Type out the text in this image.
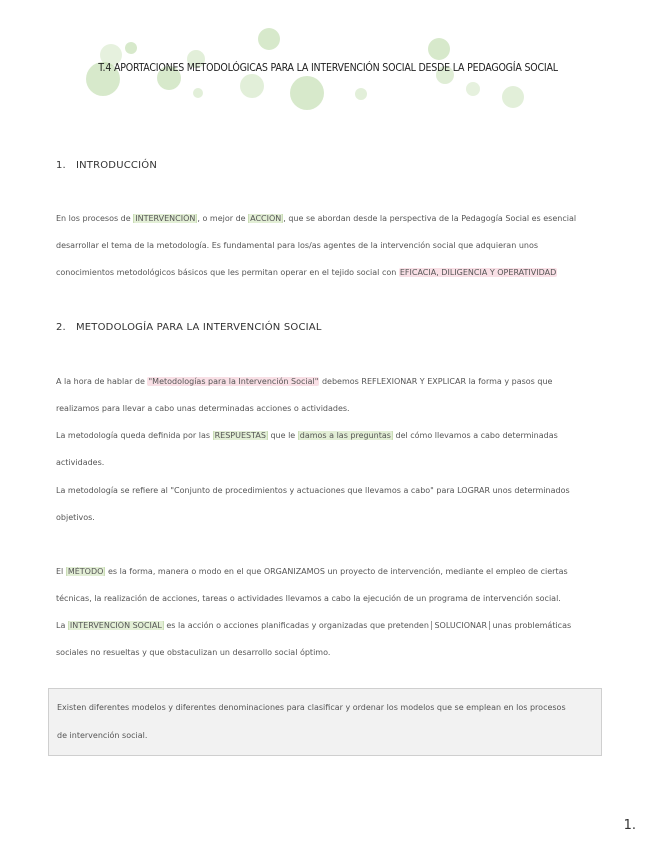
T.4 APORTACIONES METODOLÓGICAS PARA LA INTERVENCIÓN SOCIAL DESDE LA PEDAGOGÍA SOCIAL
1. INTRODUCCIÓN
En los procesos de INTERVENCIÓN , o mejor de ACCIÓN , que se abordan desde la perspectiva de la Pedagogía Social es esencial
desarrollar el tema de la metodología. Es fundamental para los/as agentes de la intervención social que adquieran unos
conocimientos metodológicos básicos que les permitan operar en el tejido social con EFICACIA, DILIGENCIA Y OPERATIVIDAD
2. METODOLOGÍA PARA LA INTERVENCIÓN SOCIAL
A la hora de hablar de "Metodologías para la Intervención Social" debemos REFLEXIONAR Y EXPLICAR la forma y pasos que
realizamos para llevar a cabo unas determinadas acciones o actividades.
La metodología queda definida por las RESPUESTAS que le damos a las preguntas del cómo llevamos a cabo determinadas
actividades.
La metodología se refiere al "Conjunto de procedimientos y actuaciones que llevamos a cabo" para LOGRAR unos determinados
objetivos.
El MÉTODO es la forma, manera o modo en el que ORGANIZAMOS un proyecto de intervención, mediante el empleo de ciertas
técnicas, la realización de acciones, tareas o actividades llevamos a cabo la ejecución de un programa de intervención social.
La INTERVENCIÓN SOCIAL es la acción o acciones planificadas y organizadas que pretenden SOLUCIONAR unas problemáticas
sociales no resueltas y que obstaculizan un desarrollo social óptimo.
Existen diferentes modelos y diferentes denominaciones para clasificar y ordenar los modelos que se emplean en los procesos
de intervención social.
1.
